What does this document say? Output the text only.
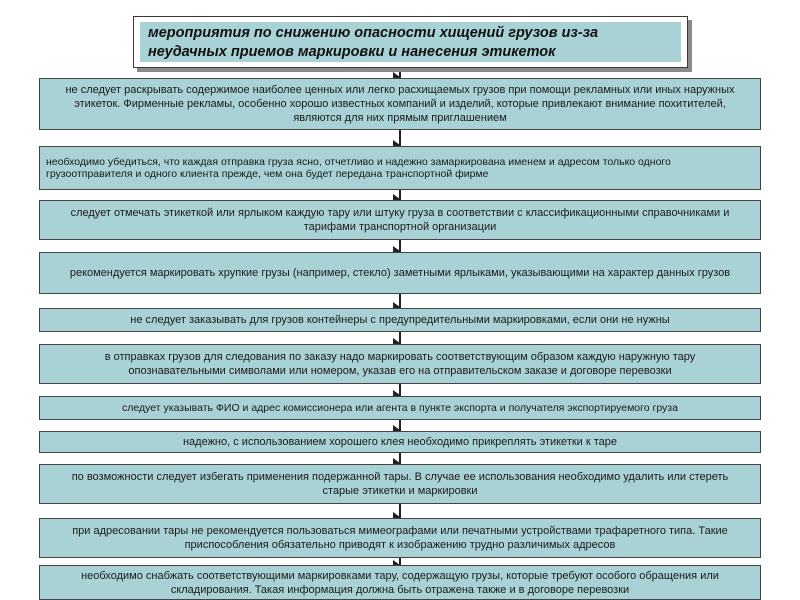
мероприятия по снижению опасности хищений грузов из-за неудачных приемов маркировки и нанесения этикеток
не следует раскрывать содержимое наиболее ценных или легко расхищаемых грузов при помощи рекламных или иных наружных этикеток. Фирменные рекламы, особенно хорошо известных компаний и изделий, которые привлекают внимание похитителей, являются для них прямым приглашением
необходимо убедиться, что каждая отправка груза ясно, отчетливо и надежно замаркирована именем и адресом только одного грузоотправителя и одного клиента прежде, чем она будет передана транспортной фирме
следует отмечать этикеткой или ярлыком каждую тару или штуку груза в соответствии с классификационными справочниками и тарифами транспортной организации
рекомендуется маркировать хрупкие грузы (например, стекло) заметными ярлыками, указывающими на характер данных грузов
не следует заказывать для грузов контейнеры с предупредительными маркировками, если они не нужны
в отправках грузов для следования по заказу надо маркировать соответствующим образом каждую наружную тару опознавательными символами или номером, указав его на отправительском заказе и договоре перевозки
следует указывать ФИО и адрес комиссионера или агента в пункте экспорта и получателя экспортируемого груза
надежно, с использованием хорошего клея необходимо прикреплять этикетки к таре
по возможности следует избегать применения подержанной тары. В случае ее использования необходимо удалить или стереть старые этикетки и маркировки
при адресовании тары не рекомендуется пользоваться мимеографами или печатными устройствами трафаретного типа. Такие приспособления обязательно приводят к изображению трудно различимых адресов
необходимо снабжать соответствующими маркировками тару, содержащую грузы, которые требуют особого обращения или складирования. Такая информация должна быть отражена также и в договоре перевозки
